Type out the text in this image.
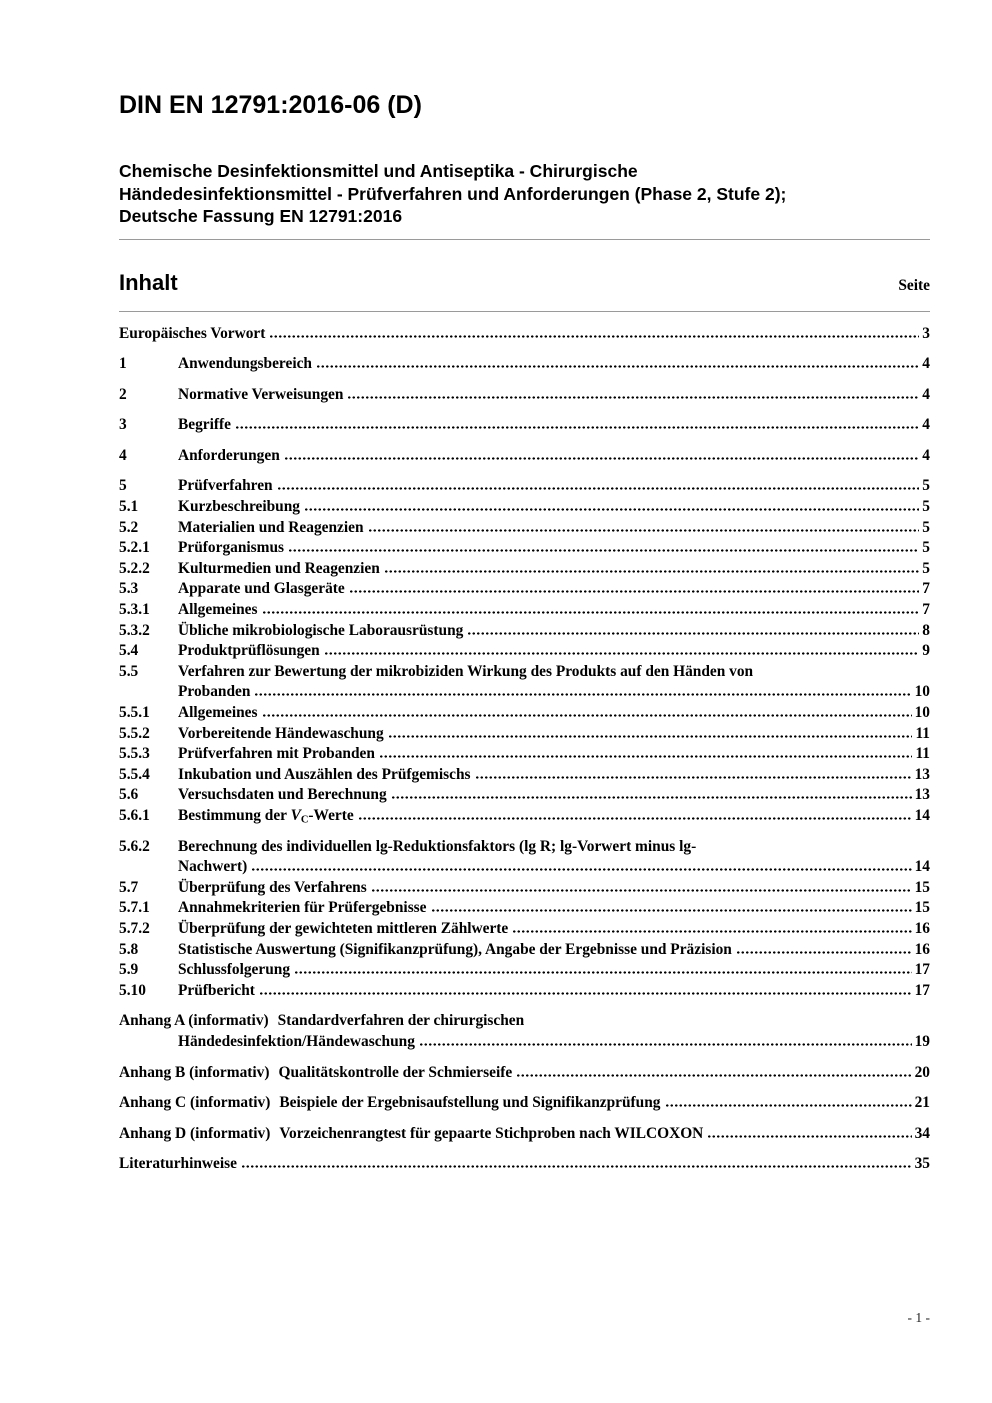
DIN EN 12791:2016-06 (D)
Chemische Desinfektionsmittel und Antiseptika - Chirurgische
Händedesinfektionsmittel - Prüfverfahren und Anforderungen (Phase 2, Stufe 2);
Deutsche Fassung EN 12791:2016
Inhalt	Seite
Europäisches Vorwort	3
1	Anwendungsbereich	4
2	Normative Verweisungen	4
3	Begriffe	4
4	Anforderungen	4
5	Prüfverfahren	5
5.1	Kurzbeschreibung	5
5.2	Materialien und Reagenzien	5
5.2.1	Prüforganismus	5
5.2.2	Kulturmedien und Reagenzien	5
5.3	Apparate und Glasgeräte	7
5.3.1	Allgemeines	7
5.3.2	Übliche mikrobiologische Laborausrüstung	8
5.4	Produktprüflösungen	9
5.5	Verfahren zur Bewertung der mikrobiziden Wirkung des Produkts auf den Händen von
Probanden	10
5.5.1	Allgemeines	10
5.5.2	Vorbereitende Händewaschung	11
5.5.3	Prüfverfahren mit Probanden	11
5.5.4	Inkubation und Auszählen des Prüfgemischs	13
5.6	Versuchsdaten und Berechnung	13
5.6.1	Bestimmung der $V_C$-Werte	14
5.6.2	Berechnung des individuellen lg-Reduktionsfaktors (lg R; lg-Vorwert minus lg-
Nachwert)	14
5.7	Überprüfung des Verfahrens	15
5.7.1	Annahmekriterien für Prüfergebnisse	15
5.7.2	Überprüfung der gewichteten mittleren Zählwerte	16
5.8	Statistische Auswertung (Signifikanzprüfung), Angabe der Ergebnisse und Präzision	16
5.9	Schlussfolgerung	17
5.10	Prüfbericht	17
Anhang A (informativ) Standardverfahren der chirurgischen
Händedesinfektion/Händewaschung	19
Anhang B (informativ) Qualitätskontrolle der Schmierseife	20
Anhang C (informativ) Beispiele der Ergebnisaufstellung und Signifikanzprüfung	21
Anhang D (informativ) Vorzeichenrangtest für gepaarte Stichproben nach WILCOXON	34
Literaturhinweise	35
- 1 -
